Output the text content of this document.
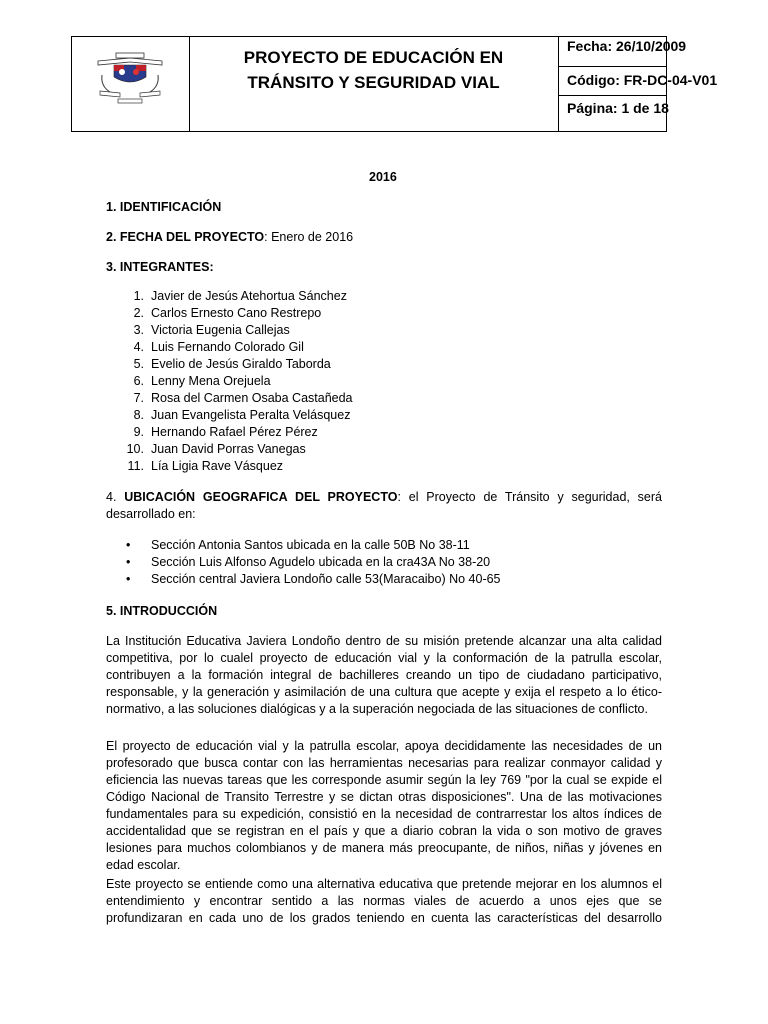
PROYECTO DE EDUCACIÓN EN
TRÁNSITO Y SEGURIDAD VIAL
Fecha: 26/10/2009
Código: FR-DC-04-V01
Página: 1 de 18
2016
1. IDENTIFICACIÓN
2. FECHA DEL PROYECTO: Enero de 2016
3. INTEGRANTES:
1. Javier de Jesús Atehortua Sánchez
2. Carlos Ernesto Cano Restrepo
3. Victoria Eugenia Callejas
4. Luis Fernando Colorado Gil
5. Evelio de Jesús Giraldo Taborda
6. Lenny Mena Orejuela
7. Rosa del Carmen Osaba Castañeda
8. Juan Evangelista Peralta Velásquez
9. Hernando Rafael Pérez Pérez
10. Juan David Porras Vanegas
11. Lía Ligia Rave Vásquez
4. UBICACIÓN GEOGRAFICA DEL PROYECTO: el Proyecto de Tránsito y seguridad, será
desarrollado en:
• Sección Antonia Santos ubicada en la calle 50B No 38-11
• Sección Luis Alfonso Agudelo ubicada en la cra43A No 38-20
• Sección central Javiera Londoño calle 53(Maracaibo) No 40-65
5. INTRODUCCIÓN
La Institución Educativa Javiera Londoño dentro de su misión pretende alcanzar una alta calidad
competitiva, por lo cualel proyecto de educación vial y la conformación de la patrulla escolar,
contribuyen a la formación integral de bachilleres creando un tipo de ciudadano participativo,
responsable, y la generación y asimilación de una cultura que acepte y exija el respeto a lo ético-
normativo, a las soluciones dialógicas y a la superación negociada de las situaciones de conflicto.
El proyecto de educación vial y la patrulla escolar, apoya decididamente las necesidades de un
profesorado que busca contar con las herramientas necesarias para realizar conmayor calidad y
eficiencia las nuevas tareas que les corresponde asumir según la ley 769 "por la cual se expide el
Código Nacional de Transito Terrestre y se dictan otras disposiciones". Una de las motivaciones
fundamentales para su expedición, consistió en la necesidad de contrarrestar los altos índices de
accidentalidad que se registran en el país y que a diario cobran la vida o son motivo de graves
lesiones para muchos colombianos y de manera más preocupante, de niños, niñas y jóvenes en
edad escolar.
Este proyecto se entiende como una alternativa educativa que pretende mejorar en los alumnos el
entendimiento y encontrar sentido a las normas viales de acuerdo a unos ejes que se
profundizaran en cada uno de los grados teniendo en cuenta las características del desarrollo
